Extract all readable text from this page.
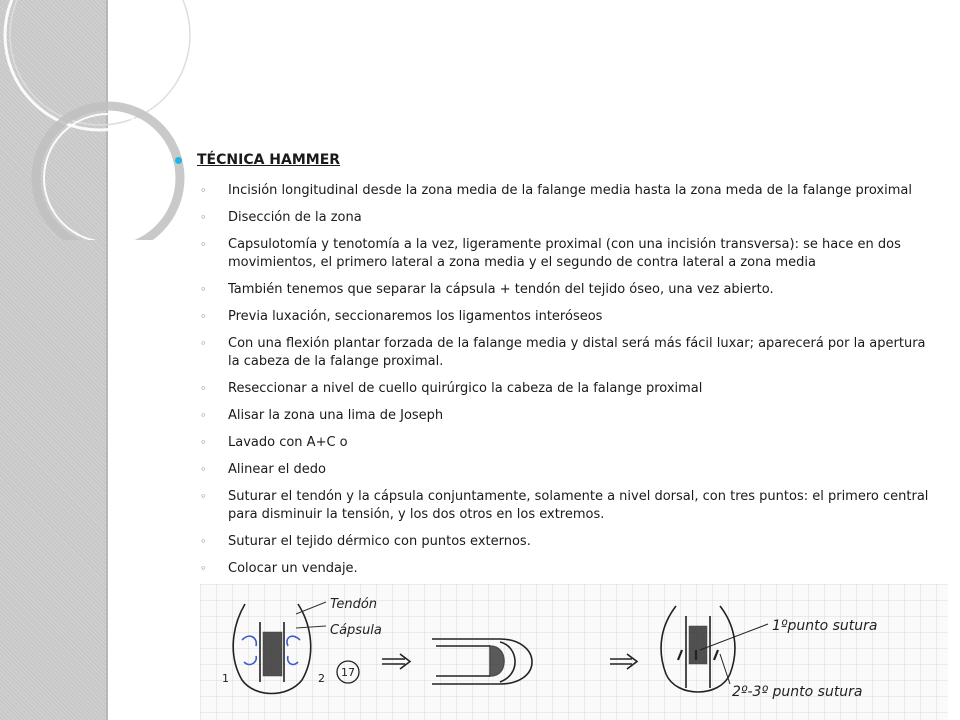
TÉCNICA HAMMER
◦ Incisión longitudinal desde la zona media de la falange media hasta la zona meda de la falange proximal
◦ Disección de la zona
◦ Capsulotomía y tenotomía a la vez, ligeramente proximal (con una incisión transversa): se hace en dos movimientos, el primero lateral a zona media y el segundo de contra lateral a zona media
◦ También tenemos que separar la cápsula + tendón del tejido óseo, una vez abierto.
◦ Previa luxación, seccionaremos los ligamentos interóseos
◦ Con una flexión plantar forzada de la falange media y distal será más fácil luxar; aparecerá por la apertura la cabeza de la falange proximal.
◦ Reseccionar a nivel de cuello quirúrgico la cabeza de la falange proximal
◦ Alisar la zona una lima de Joseph
◦ Lavado con A+C o
◦ Alinear el dedo
◦ Suturar el tendón y la cápsula conjuntamente, solamente a nivel dorsal, con tres puntos: el primero central para disminuir la tensión, y los dos otros en los extremos.
◦ Suturar el tejido dérmico con puntos externos.
◦ Colocar un vendaje.
Tendón
Cápsula
1	2 17
1ºpunto sutura
2º-3º punto sutura
